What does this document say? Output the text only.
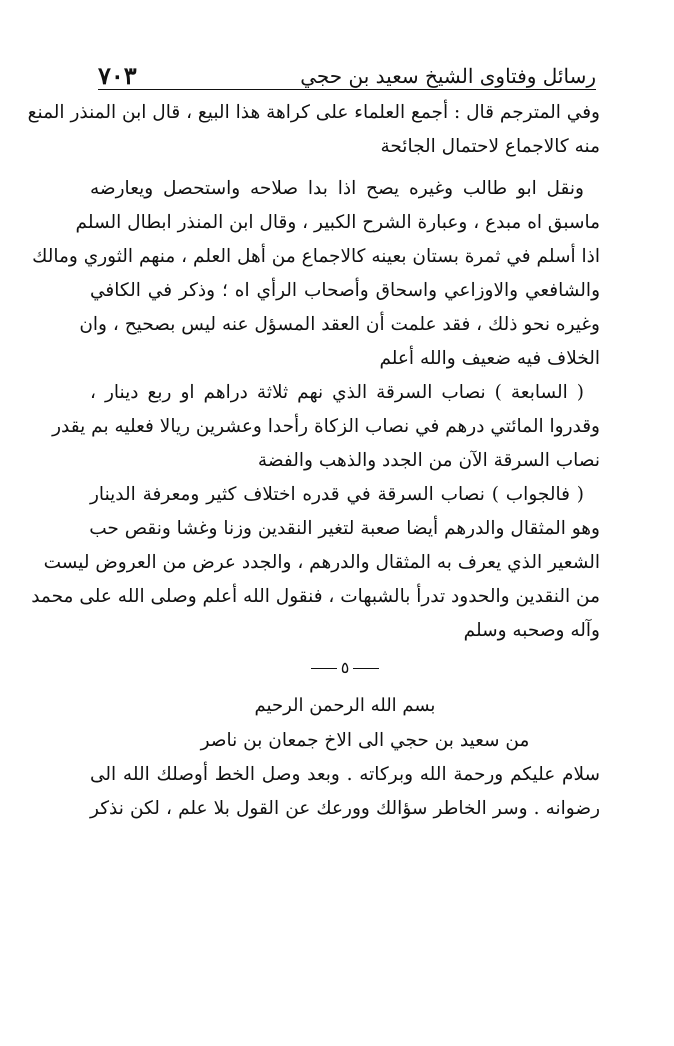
رسائل وفتاوى الشيخ سعيد بن حجي
٧٠٣
وفي المترجم قال : أجمع العلماء على كراهة هذا البيع ، قال ابن المنذر المنع
منه كالاجماع لاحتمال الجائحة
ونقل ابو طالب وغيره يصح اذا بدا صلاحه واستحصل ويعارضه
ماسبق اه مبدع ، وعبارة الشرح الكبير ، وقال ابن المنذر ابطال السلم
اذا أسلم في ثمرة بستان بعينه كالاجماع من أهل العلم ، منهم الثوري ومالك
والشافعي والاوزاعي واسحاق وأصحاب الرأي اه ؛ وذكر في الكافي
وغيره نحو ذلك ، فقد علمت أن العقد المسؤل عنه ليس بصحيح ، وان
الخلاف فيه ضعيف والله أعلم
( السابعة ) نصاب السرقة الذي نهم ثلاثة دراهم او ربع دينار ،
وقدروا المائتي درهم في نصاب الزكاة رأحدا وعشرين ريالا فعليه بم يقدر
نصاب السرقة الآن من الجدد والذهب والفضة
( فالجواب ) نصاب السرقة في قدره اختلاف كثير ومعرفة الدينار
وهو المثقال والدرهم أيضا صعبة لتغير النقدين وزنا وغشا ونقص حب
الشعير الذي يعرف به المثقال والدرهم ، والجدد عرض من العروض ليست
من النقدين والحدود تدرأ بالشبهات ، فنقول الله أعلم وصلى الله على محمد
وآله وصحبه وسلم
٥
بسم الله الرحمن الرحيم
من سعيد بن حجي الى الاخ جمعان بن ناصر
سلام عليكم ورحمة الله وبركاته . وبعد وصل الخط أوصلك الله الى
رضوانه . وسر الخاطر سؤالك وورعك عن القول بلا علم ، لكن نذكر
